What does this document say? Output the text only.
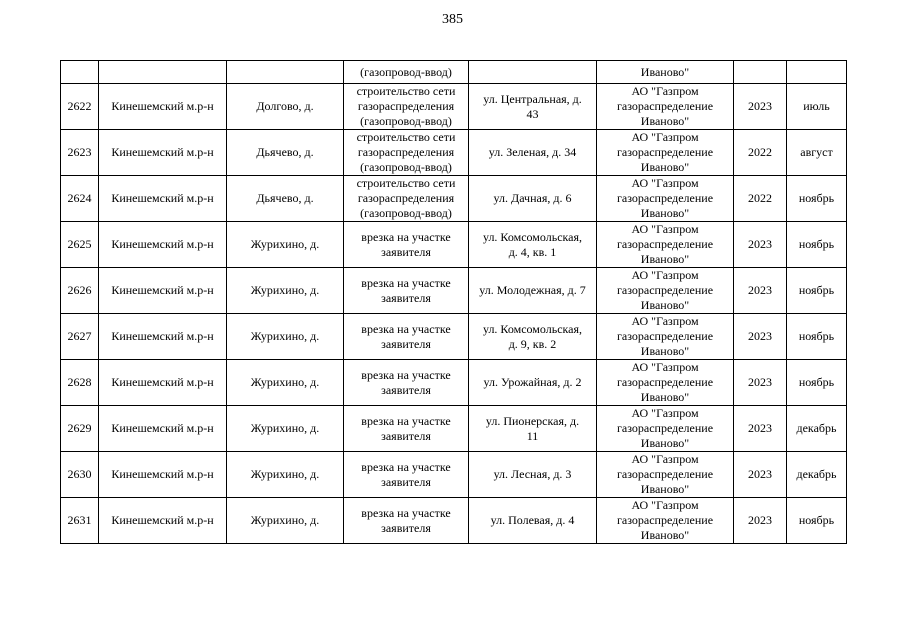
385
			(газопровод-ввод)		Иваново"		
2622	Кинешемский м.р-н	Долгово, д.	строительство сети
газораспределения
(газопровод-ввод)	ул. Центральная, д.
43	АО "Газпром
газораспределение
Иваново"	2023	июль
2623	Кинешемский м.р-н	Дьячево, д.	строительство сети
газораспределения
(газопровод-ввод)	ул. Зеленая, д. 34	АО "Газпром
газораспределение
Иваново"	2022	август
2624	Кинешемский м.р-н	Дьячево, д.	строительство сети
газораспределения
(газопровод-ввод)	ул. Дачная, д. 6	АО "Газпром
газораспределение
Иваново"	2022	ноябрь
2625	Кинешемский м.р-н	Журихино, д.	врезка на участке
заявителя	ул. Комсомольская,
д. 4, кв. 1	АО "Газпром
газораспределение
Иваново"	2023	ноябрь
2626	Кинешемский м.р-н	Журихино, д.	врезка на участке
заявителя	ул. Молодежная, д. 7	АО "Газпром
газораспределение
Иваново"	2023	ноябрь
2627	Кинешемский м.р-н	Журихино, д.	врезка на участке
заявителя	ул. Комсомольская,
д. 9, кв. 2	АО "Газпром
газораспределение
Иваново"	2023	ноябрь
2628	Кинешемский м.р-н	Журихино, д.	врезка на участке
заявителя	ул. Урожайная, д. 2	АО "Газпром
газораспределение
Иваново"	2023	ноябрь
2629	Кинешемский м.р-н	Журихино, д.	врезка на участке
заявителя	ул. Пионерская, д.
11	АО "Газпром
газораспределение
Иваново"	2023	декабрь
2630	Кинешемский м.р-н	Журихино, д.	врезка на участке
заявителя	ул. Лесная, д. 3	АО "Газпром
газораспределение
Иваново"	2023	декабрь
2631	Кинешемский м.р-н	Журихино, д.	врезка на участке
заявителя	ул. Полевая, д. 4	АО "Газпром
газораспределение
Иваново"	2023	ноябрь
